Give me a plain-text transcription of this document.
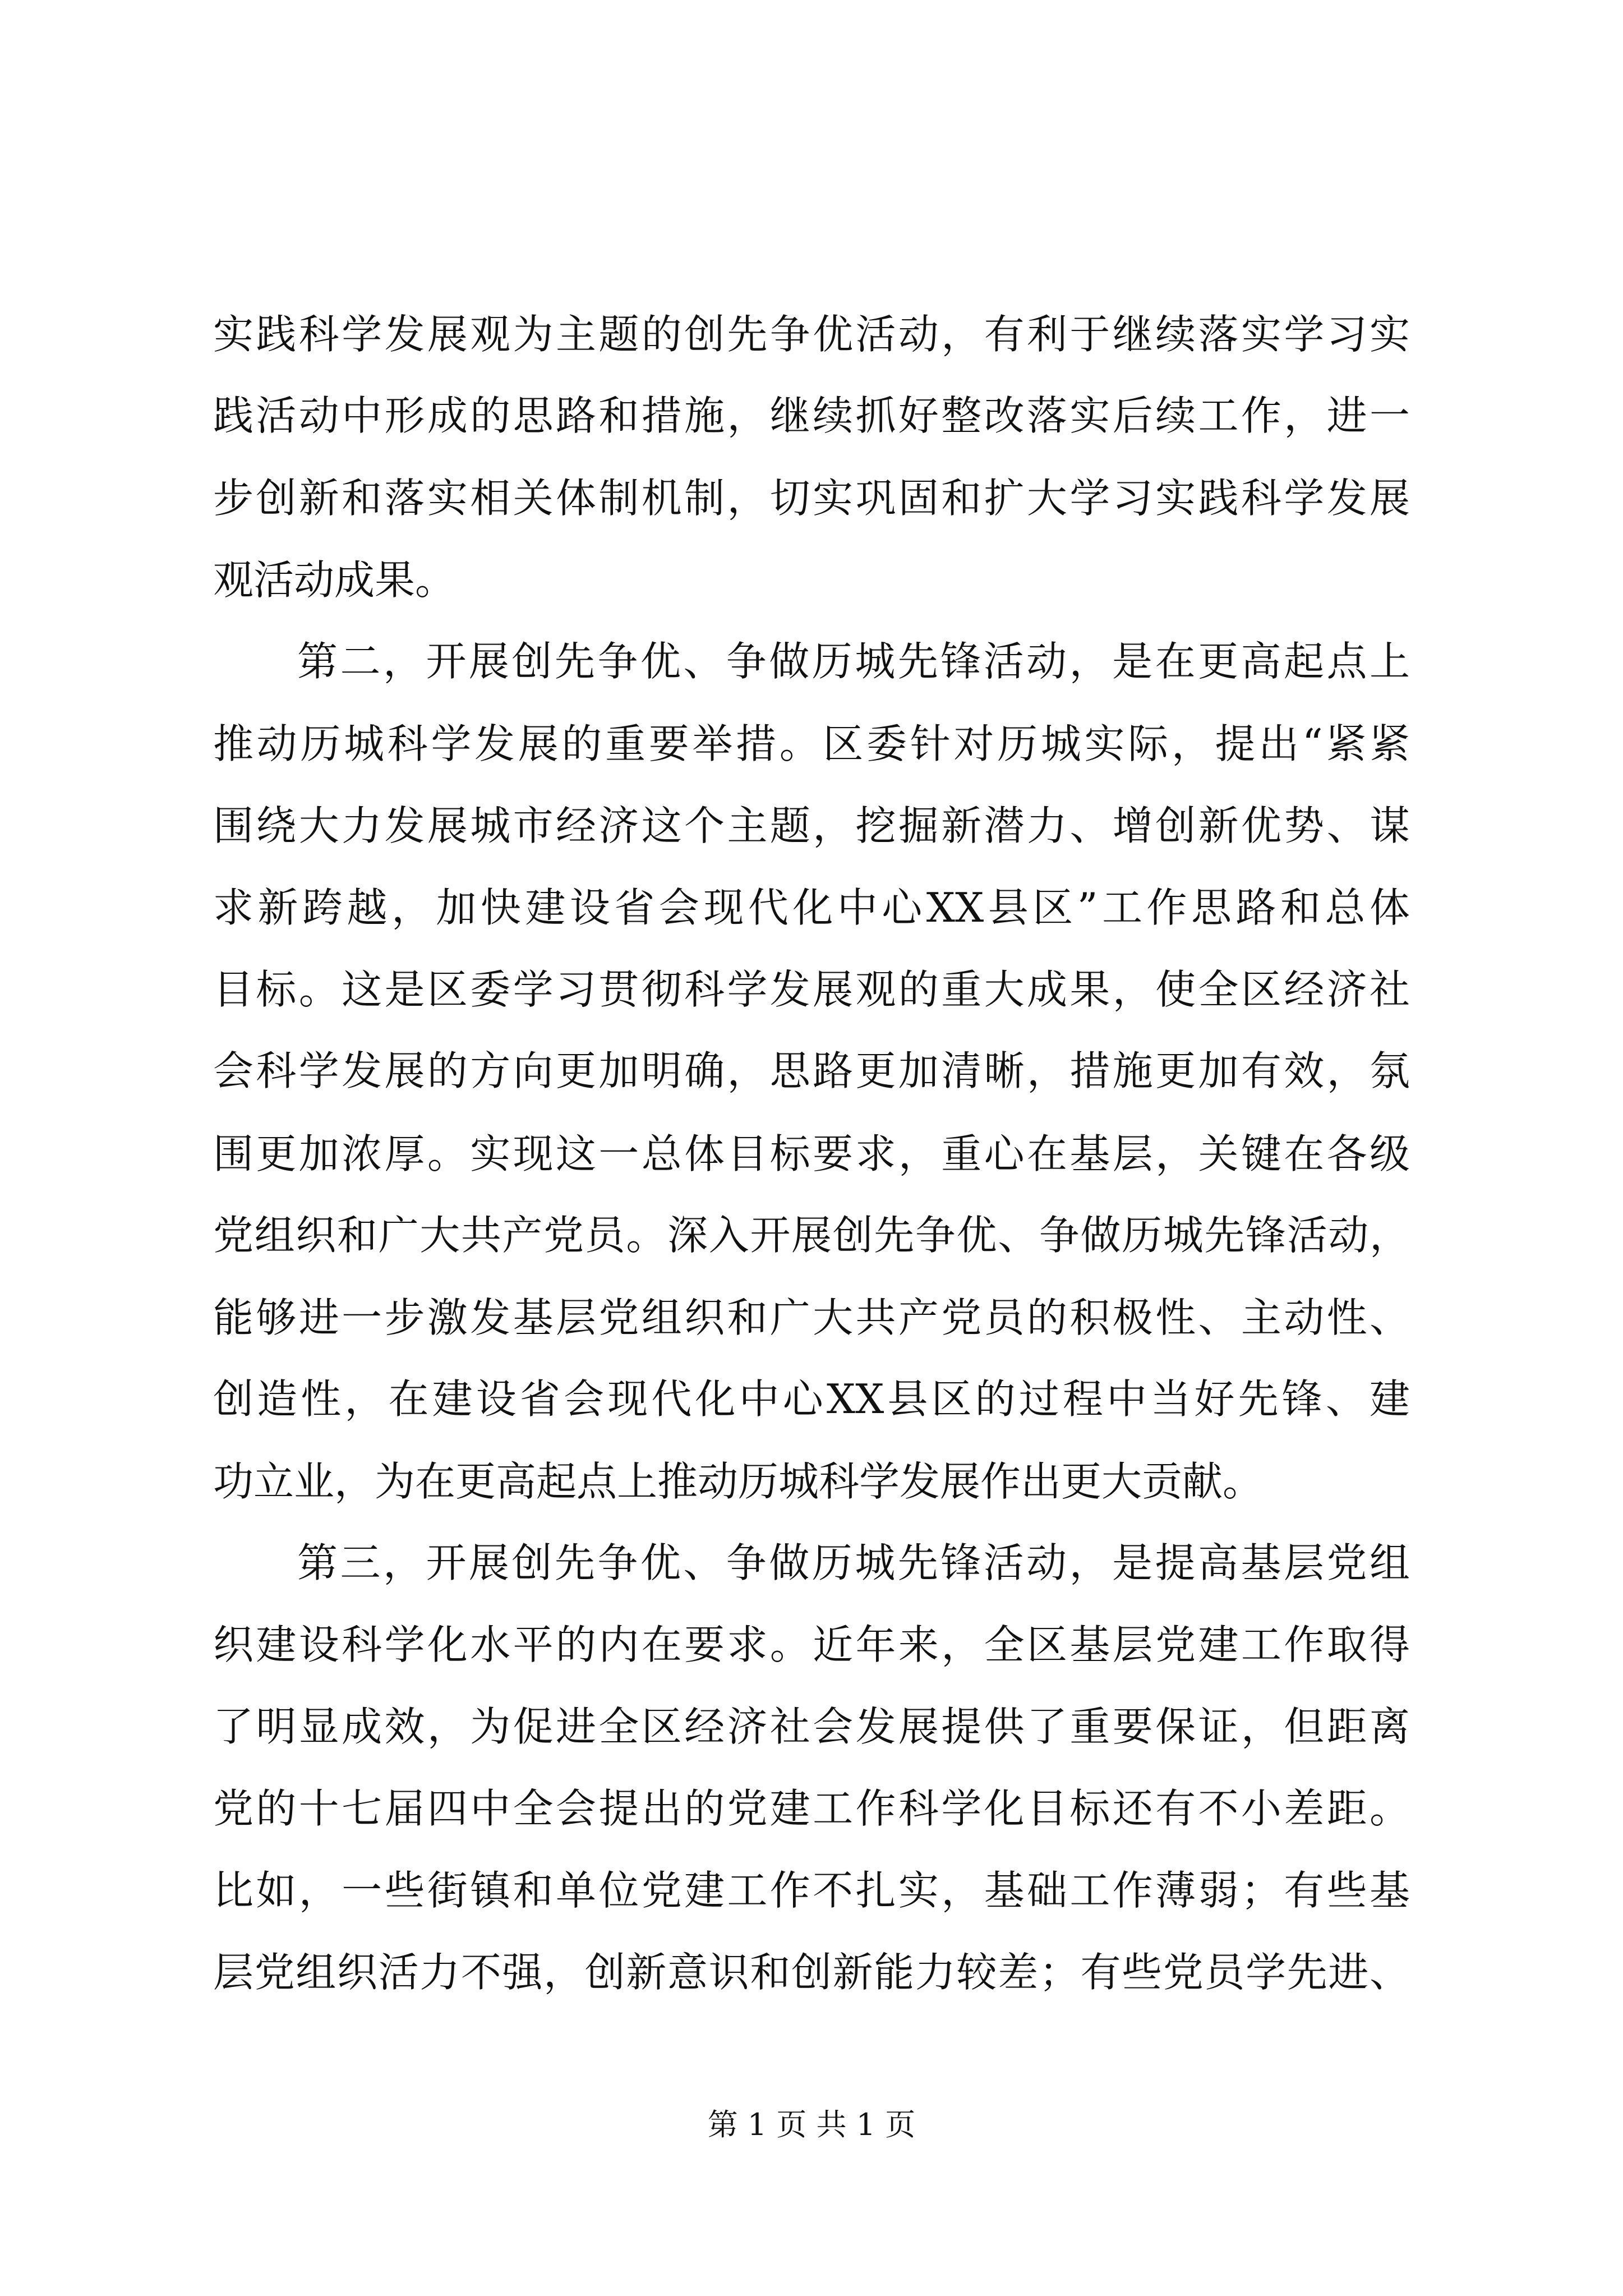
实践科学发展观为主题的创先争优活动，有利于继续落实学习实
践活动中形成的思路和措施，继续抓好整改落实后续工作，进一
步创新和落实相关体制机制，切实巩固和扩大学习实践科学发展
观活动成果。
第二，开展创先争优、争做历城先锋活动，是在更高起点上
推动历城科学发展的重要举措。区委针对历城实际，提出“紧紧
围绕大力发展城市经济这个主题，挖掘新潜力、增创新优势、谋
求新跨越，加快建设省会现代化中心XX县区”工作思路和总体
目标。这是区委学习贯彻科学发展观的重大成果，使全区经济社
会科学发展的方向更加明确，思路更加清晰，措施更加有效，氛
围更加浓厚。实现这一总体目标要求，重心在基层，关键在各级
党组织和广大共产党员。深入开展创先争优、争做历城先锋活动，
能够进一步激发基层党组织和广大共产党员的积极性、主动性、
创造性，在建设省会现代化中心XX县区的过程中当好先锋、建
功立业，为在更高起点上推动历城科学发展作出更大贡献。
第三，开展创先争优、争做历城先锋活动，是提高基层党组
织建设科学化水平的内在要求。近年来，全区基层党建工作取得
了明显成效，为促进全区经济社会发展提供了重要保证，但距离
党的十七届四中全会提出的党建工作科学化目标还有不小差距。
比如，一些街镇和单位党建工作不扎实，基础工作薄弱；有些基
层党组织活力不强，创新意识和创新能力较差；有些党员学先进、
第 1 页 共 1 页
